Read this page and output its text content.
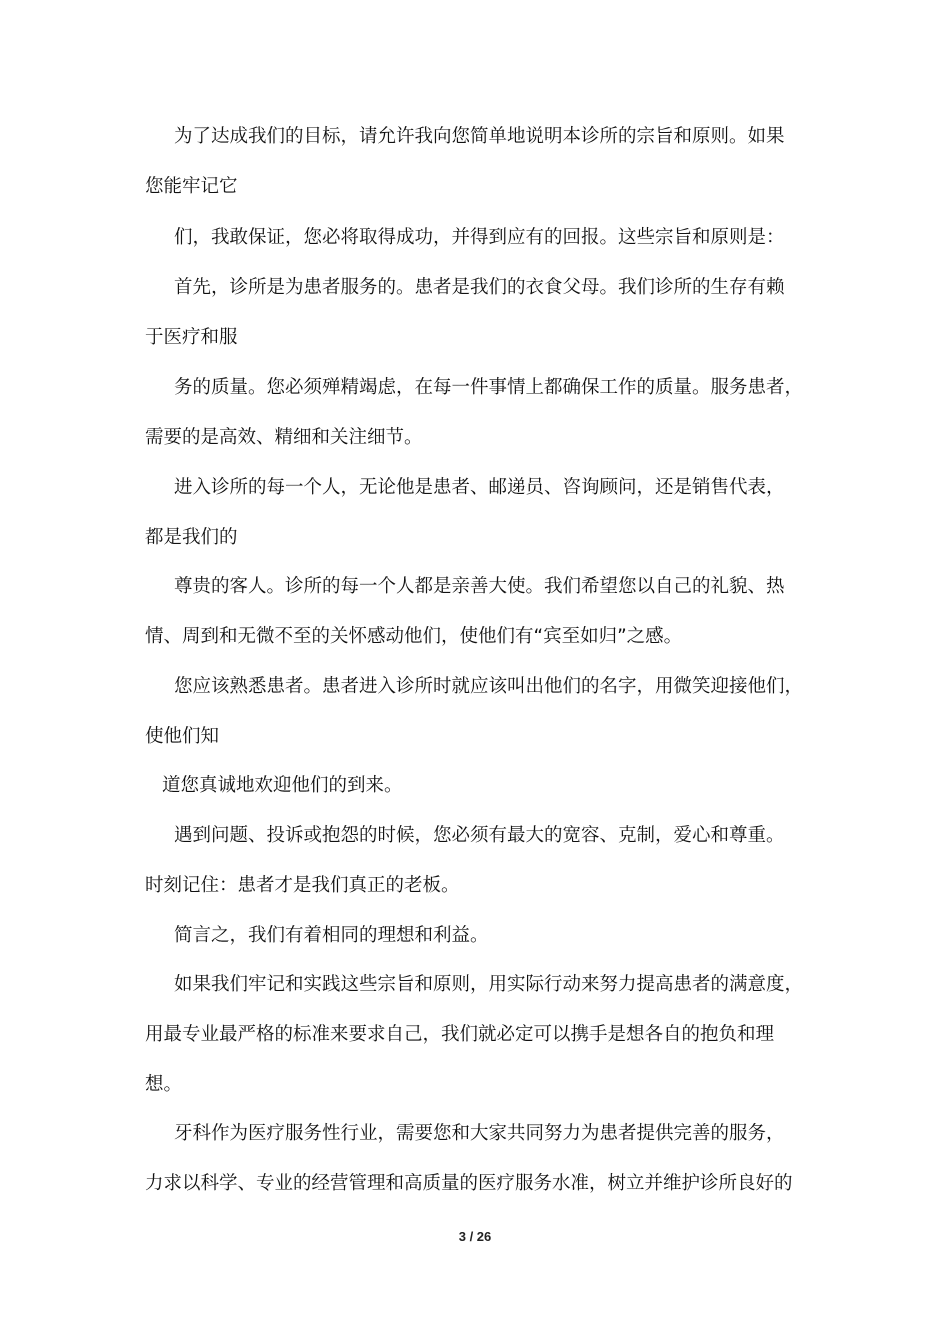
为了达成我们的目标，请允许我向您简单地说明本诊所的宗旨和原则。如果
您能牢记它
们，我敢保证，您必将取得成功，并得到应有的回报。这些宗旨和原则是：
首先，诊所是为患者服务的。患者是我们的衣食父母。我们诊所的生存有赖
于医疗和服
务的质量。您必须殚精竭虑，在每一件事情上都确保工作的质量。服务患者，
需要的是高效、精细和关注细节。
进入诊所的每一个人，无论他是患者、邮递员、咨询顾问，还是销售代表，
都是我们的
尊贵的客人。诊所的每一个人都是亲善大使。我们希望您以自己的礼貌、热
情、周到和无微不至的关怀感动他们，使他们有“宾至如归”之感。
您应该熟悉患者。患者进入诊所时就应该叫出他们的名字，用微笑迎接他们，
使他们知
道您真诚地欢迎他们的到来。
遇到问题、投诉或抱怨的时候，您必须有最大的宽容、克制，爱心和尊重。
时刻记住：患者才是我们真正的老板。
简言之，我们有着相同的理想和利益。
如果我们牢记和实践这些宗旨和原则，用实际行动来努力提高患者的满意度，
用最专业最严格的标准来要求自己，我们就必定可以携手是想各自的抱负和理
想。
牙科作为医疗服务性行业，需要您和大家共同努力为患者提供完善的服务，
力求以科学、专业的经营管理和高质量的医疗服务水准，树立并维护诊所良好的
3 / 26
